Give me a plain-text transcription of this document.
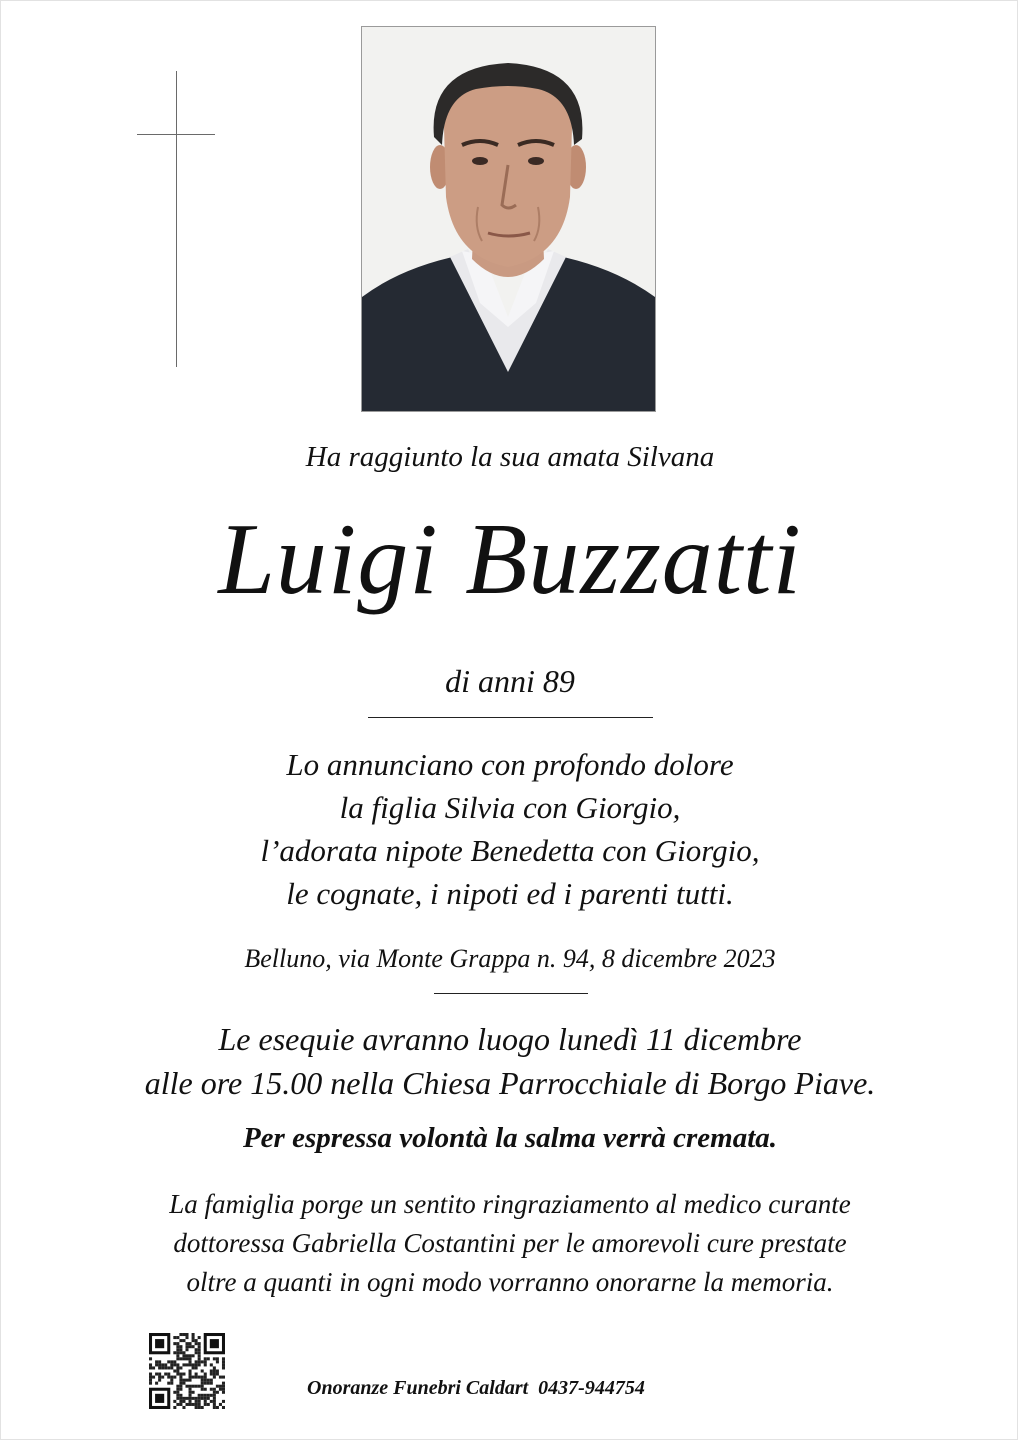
Ha raggiunto la sua amata Silvana
Luigi Buzzatti
di anni 89
Lo annunciano con profondo dolore
la figlia Silvia con Giorgio,
l’adorata nipote Benedetta con Giorgio,
le cognate, i nipoti ed i parenti tutti.
Belluno, via Monte Grappa n. 94, 8 dicembre 2023
Le esequie avranno luogo lunedì 11 dicembre
alle ore 15.00 nella Chiesa Parrocchiale di Borgo Piave.
Per espressa volontà la salma verrà cremata.
La famiglia porge un sentito ringraziamento al medico curante
dottoressa Gabriella Costantini per le amorevoli cure prestate
oltre a quanti in ogni modo vorranno onorarne la memoria.
Onoranze Funebri Caldart 0437-944754
